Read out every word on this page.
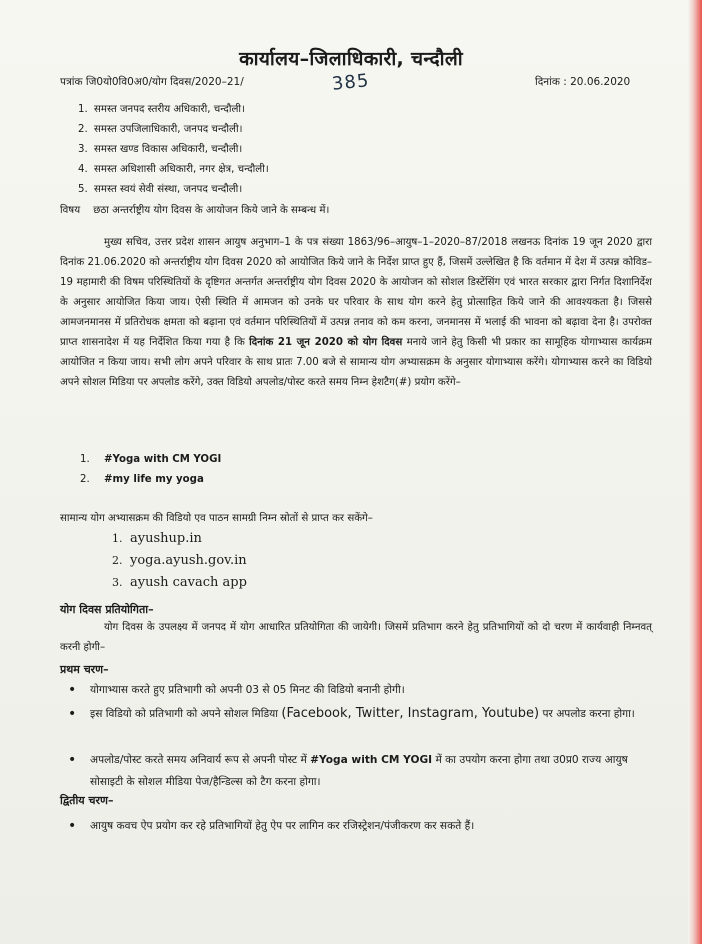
कार्यालय–जिलाधिकारी, चन्दौली
पत्रांक जि0यो0वि0अ0/योग दिवस/2020–21/	385	दिनांक : 20.06.2020
1. समस्त जनपद स्तरीय अधिकारी, चन्दौली।
2. समस्त उपजिलाधिकारी, जनपद चन्दौली।
3. समस्त खण्ड विकास अधिकारी, चन्दौली।
4. समस्त अधिशासी अधिकारी, नगर क्षेत्र, चन्दौली।
5. समस्त स्वयं सेवी संस्था, जनपद चन्दौली।
विषय छठा अन्तर्राष्ट्रीय योग दिवस के आयोजन किये जाने के सम्बन्ध में।
मुख्य सचिव, उत्तर प्रदेश शासन आयुष अनुभाग–1 के पत्र संख्या 1863/96–आयुष–1–2020–87/2018 लखनऊ दिनांक 19 जून 2020 द्वारा दिनांक 21.06.2020 को अन्तर्राष्ट्रीय योग दिवस 2020 को आयोजित किये जाने के निर्देश प्राप्त हुए हैं, जिसमें उल्लेखित है कि वर्तमान में देश में उत्पन्न कोविड–19 महामारी की विषम परिस्थितियों के दृष्टिगत अन्तर्गत अन्तर्राष्ट्रीय योग दिवस 2020 के आयोजन को सोशल डिस्टेंसिंग एवं भारत सरकार द्वारा निर्गत दिशानिर्देश के अनुसार आयोजित किया जाय। ऐसी स्थिति में आमजन को उनके घर परिवार के साथ योग करने हेतु प्रोत्साहित किये जाने की आवश्यकता है। जिससे आमजनमानस में प्रतिरोधक क्षमता को बढ़ाना एवं वर्तमान परिस्थितियों में उत्पन्न तनाव को कम करना, जनमानस में भलाई की भावना को बढ़ावा देना है। उपरोक्त प्राप्त शासनादेश में यह निर्देशित किया गया है कि दिनांक 21 जून 2020 को योग दिवस मनाये जाने हेतु किसी भी प्रकार का सामूहिक योगाभ्यास कार्यक्रम आयोजित न किया जाय। सभी लोग अपने परिवार के साथ प्रातः 7.00 बजे से सामान्य योग अभ्यासक्रम के अनुसार योगाभ्यास करेंगे। योगाभ्यास करने का विडियो अपने सोशल मिडिया पर अपलोड करेंगे, उक्त विडियो अपलोड/पोस्ट करते समय निम्न हेशटैग(#) प्रयोग करेंगे–
1. #Yoga with CM YOGI
2. #my life my yoga
सामान्य योग अभ्यासक्रम की विडियो एव पाठन सामग्री निम्न स्रोतों से प्राप्त कर सकेंगे–
1. ayushup.in
2. yoga.ayush.gov.in
3. ayush cavach app
योग दिवस प्रतियोगिता–
योग दिवस के उपलक्ष्य में जनपद में योग आधारित प्रतियोगिता की जायेगी। जिसमें प्रतिभाग करने हेतु प्रतिभागियों को दो चरण में कार्यवाही निम्नवत् करनी होगी–
प्रथम चरण–
• योगाभ्यास करते हुए प्रतिभागी को अपनी 03 से 05 मिनट की विडियो बनानी होगी।
• इस विडियो को प्रतिभागी को अपने सोशल मिडिया (Facebook, Twitter, Instagram, Youtube) पर अपलोड करना होगा।
• अपलोड/पोस्ट करते समय अनिवार्य रूप से अपनी पोस्ट में #Yoga with CM YOGI में का उपयोग करना होगा तथा उ0प्र0 राज्य आयुष सोसाइटी के सोशल मीडिया पेज/हैन्डिल्स को टैग करना होगा।
द्वितीय चरण–
• आयुष कवच ऐप प्रयोग कर रहे प्रतिभागियों हेतु ऐप पर लागिन कर रजिस्ट्रेशन/पंजीकरण कर सकते हैं।
